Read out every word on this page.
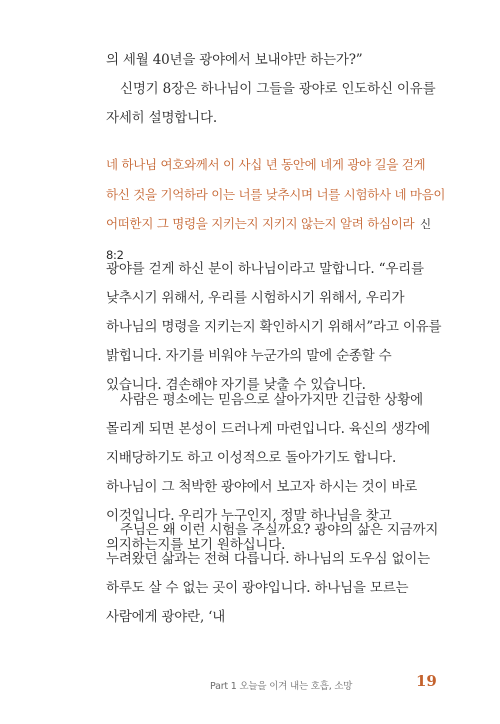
의 세월 40년을 광야에서 보내야만 하는가?”
신명기 8장은 하나님이 그들을 광야로 인도하신 이유를 자세히 설명합니다.
네 하나님 여호와께서 이 사십 년 동안에 네게 광야 길을 걷게 하신 것을 기억하라 이는 너를 낮추시며 너를 시험하사 네 마음이 어떠한지 그 명령을 지키는지 지키지 않는지 알려 하심이라 신 8:2
광야를 걷게 하신 분이 하나님이라고 말합니다. “우리를 낮추시기 위해서, 우리를 시험하시기 위해서, 우리가 하나님의 명령을 지키는지 확인하시기 위해서”라고 이유를 밝힙니다. 자기를 비워야 누군가의 말에 순종할 수 있습니다. 겸손해야 자기를 낮출 수 있습니다.
사람은 평소에는 믿음으로 살아가지만 긴급한 상황에 몰리게 되면 본성이 드러나게 마련입니다. 육신의 생각에 지배당하기도 하고 이성적으로 돌아가기도 합니다. 하나님이 그 척박한 광야에서 보고자 하시는 것이 바로 이것입니다. 우리가 누구인지, 정말 하나님을 찾고 의지하는지를 보기 원하십니다.
주님은 왜 이런 시험을 주실까요? 광야의 삶은 지금까지 누려왔던 삶과는 전혀 다릅니다. 하나님의 도우심 없이는 하루도 살 수 없는 곳이 광야입니다. 하나님을 모르는 사람에게 광야란, ‘내
Part 1 오늘을 이겨 내는 호흡, 소망	19
